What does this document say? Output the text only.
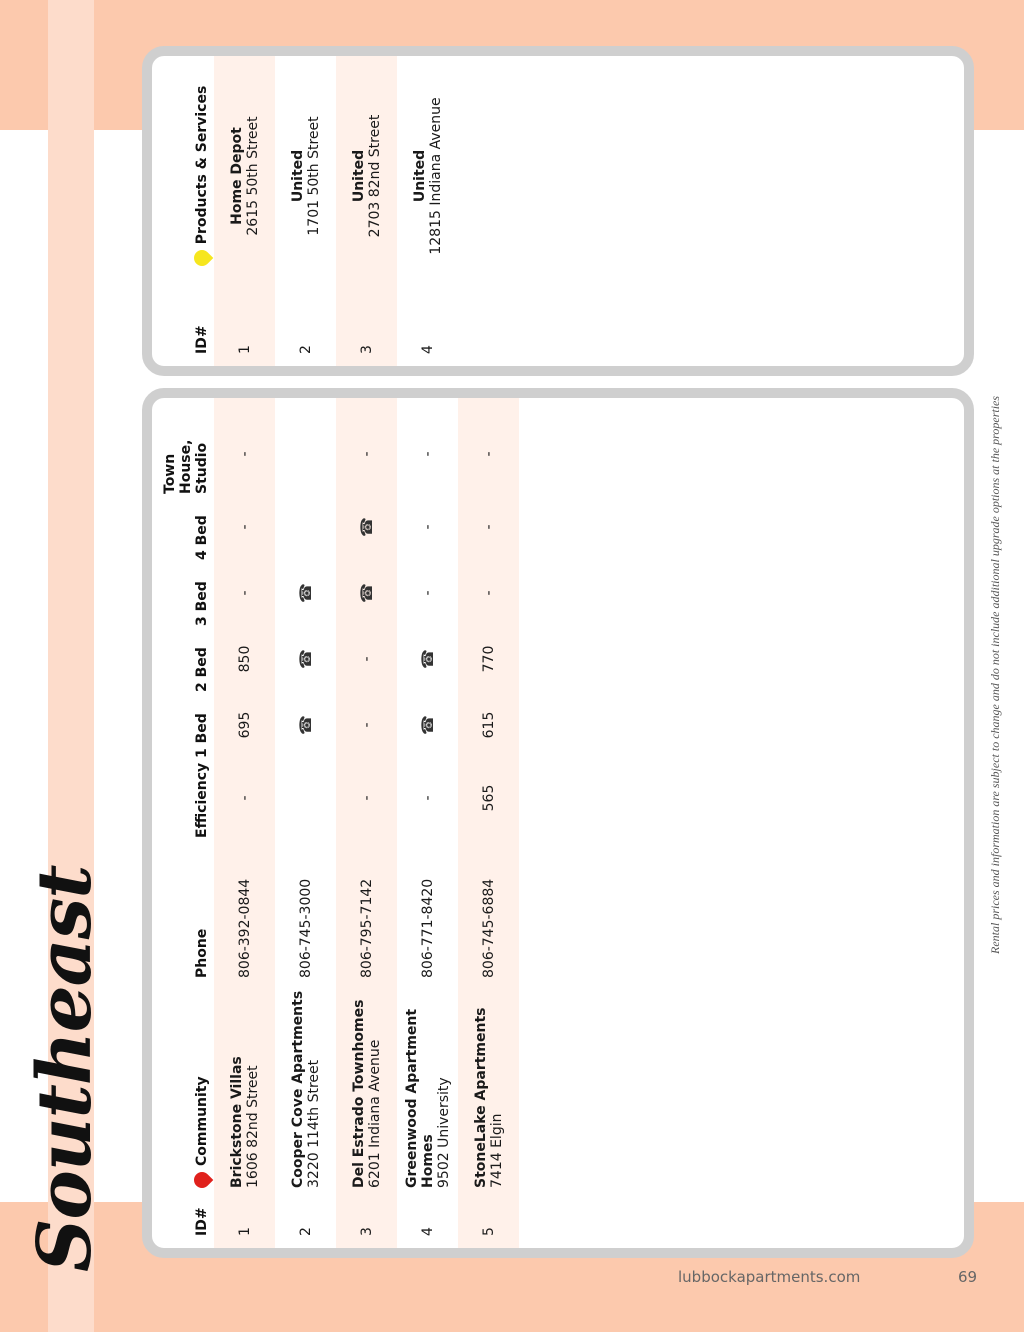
Southeast	ID#
Community
Phone
Efficiency
1 Bed
2 Bed
3 Bed
4 Bed
Town House, Studio
1
Brickstone Villas 1606 82nd Street
806-392-0844
-
695
850
-
-
-
2
Cooper Cove Apartments 3220 114th Street
806-745-3000
☎
☎
☎
3
Del Estrado Townhomes 6201 Indiana Avenue
806-795-7142
-
-
-
☎
☎
-
4
Greenwood Apartment Homes 9502 University
806-771-8420
-
☎
☎
-
-
-
5
StoneLake Apartments 7414 Elgin
806-745-6884
565
615
770
-
-
-
ID#
Products & Services
1
Home Depot 2615 50th Street
2
United 1701 50th Street
3
United 2703 82nd Street
4
United 12815 Indiana Avenue
Rental prices and information are subject to change and do not include additional upgrade options at the properties
lubbockapartments.com	69
